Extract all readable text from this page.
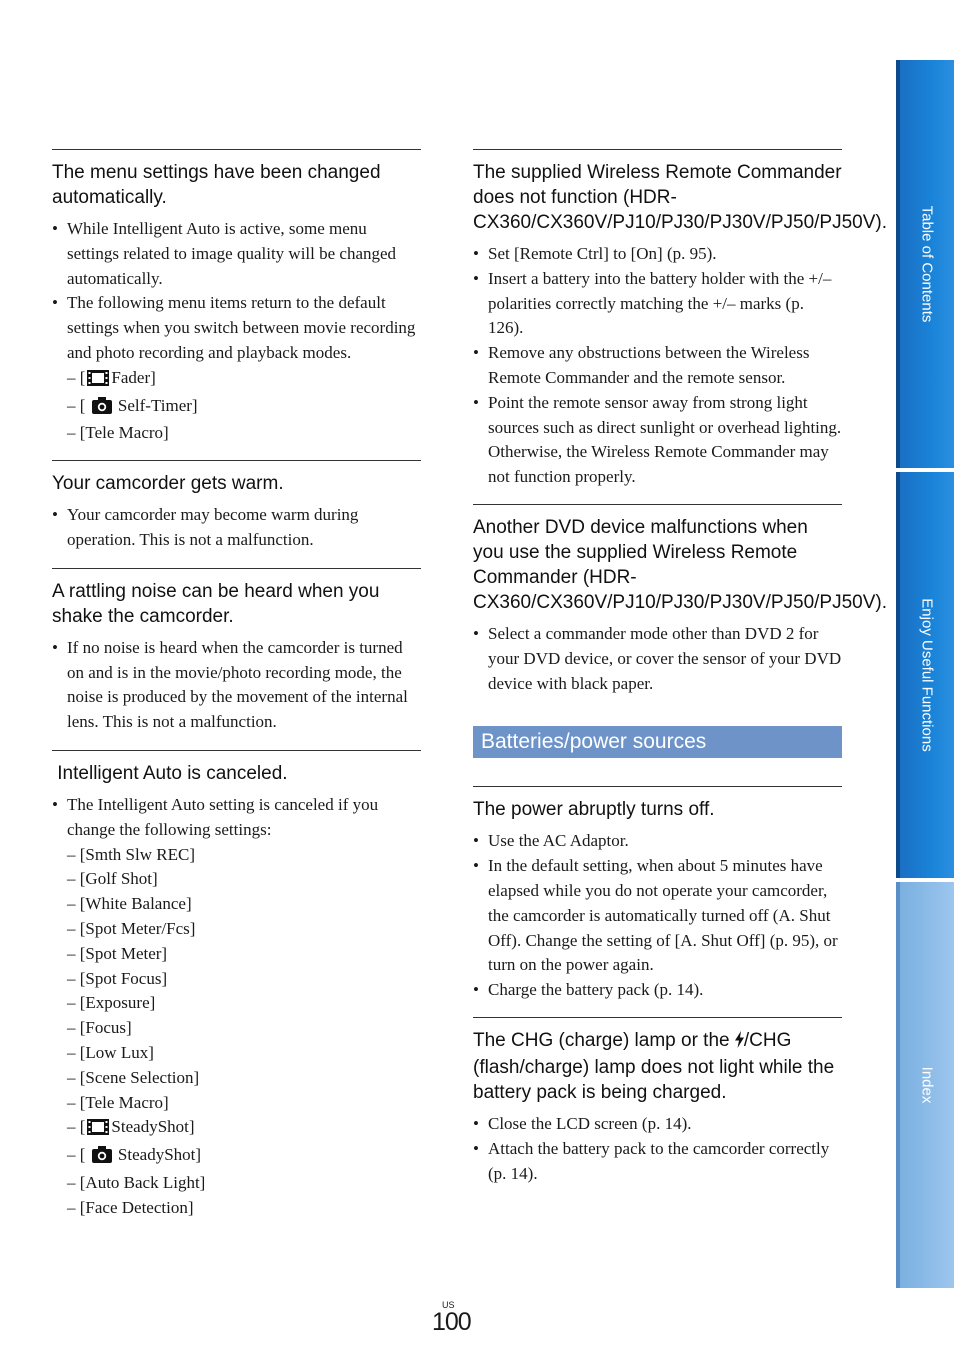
The menu settings have been changed automatically.

• While Intelligent Auto is active, some menu settings related to image quality will be changed automatically.
• The following menu items return to the default settings when you switch between movie recording and photo recording and playback modes.
– [ Fader]
– [  Self-Timer]
– [Tele Macro]

Your camcorder gets warm.

• Your camcorder may become warm during operation. This is not a malfunction.

A rattling noise can be heard when you shake the camcorder.

• If no noise is heard when the camcorder is turned on and is in the movie/photo recording mode, the noise is produced by the movement of the internal lens. This is not a malfunction.

Intelligent Auto is canceled.

• The Intelligent Auto setting is canceled if you change the following settings:
– [Smth Slw REC]
– [Golf Shot]
– [White Balance]
– [Spot Meter/Fcs]
– [Spot Meter]
– [Spot Focus]
– [Exposure]
– [Focus]
– [Low Lux]
– [Scene Selection]
– [Tele Macro]
– [ SteadyShot]
– [  SteadyShot]
– [Auto Back Light]
– [Face Detection]

The supplied Wireless Remote Commander does not function (HDR-CX360/CX360V/PJ10/PJ30/PJ30V/PJ50/PJ50V).

• Set [Remote Ctrl] to [On] (p. 95).
• Insert a battery into the battery holder with the +/– polarities correctly matching the +/– marks (p. 126).
• Remove any obstructions between the Wireless Remote Commander and the remote sensor.
• Point the remote sensor away from strong light sources such as direct sunlight or overhead lighting. Otherwise, the Wireless Remote Commander may not function properly.

Another DVD device malfunctions when you use the supplied Wireless Remote Commander (HDR-CX360/CX360V/PJ10/PJ30/PJ30V/PJ50/PJ50V).

• Select a commander mode other than DVD 2 for your DVD device, or cover the sensor of your DVD device with black paper.
Batteries/power sources

The power abruptly turns off.

• Use the AC Adaptor.
• In the default setting, when about 5 minutes have elapsed while you do not operate your camcorder, the camcorder is automatically turned off (A. Shut Off). Change the setting of [A. Shut Off] (p. 95), or turn on the power again.
• Charge the battery pack (p. 14).

The CHG (charge) lamp or the /CHG (flash/charge) lamp does not light while the battery pack is being charged.

• Close the LCD screen (p. 14).
• Attach the battery pack to the camcorder correctly (p. 14).
Table of Contents
Enjoy Useful Functions
Index
US
100
